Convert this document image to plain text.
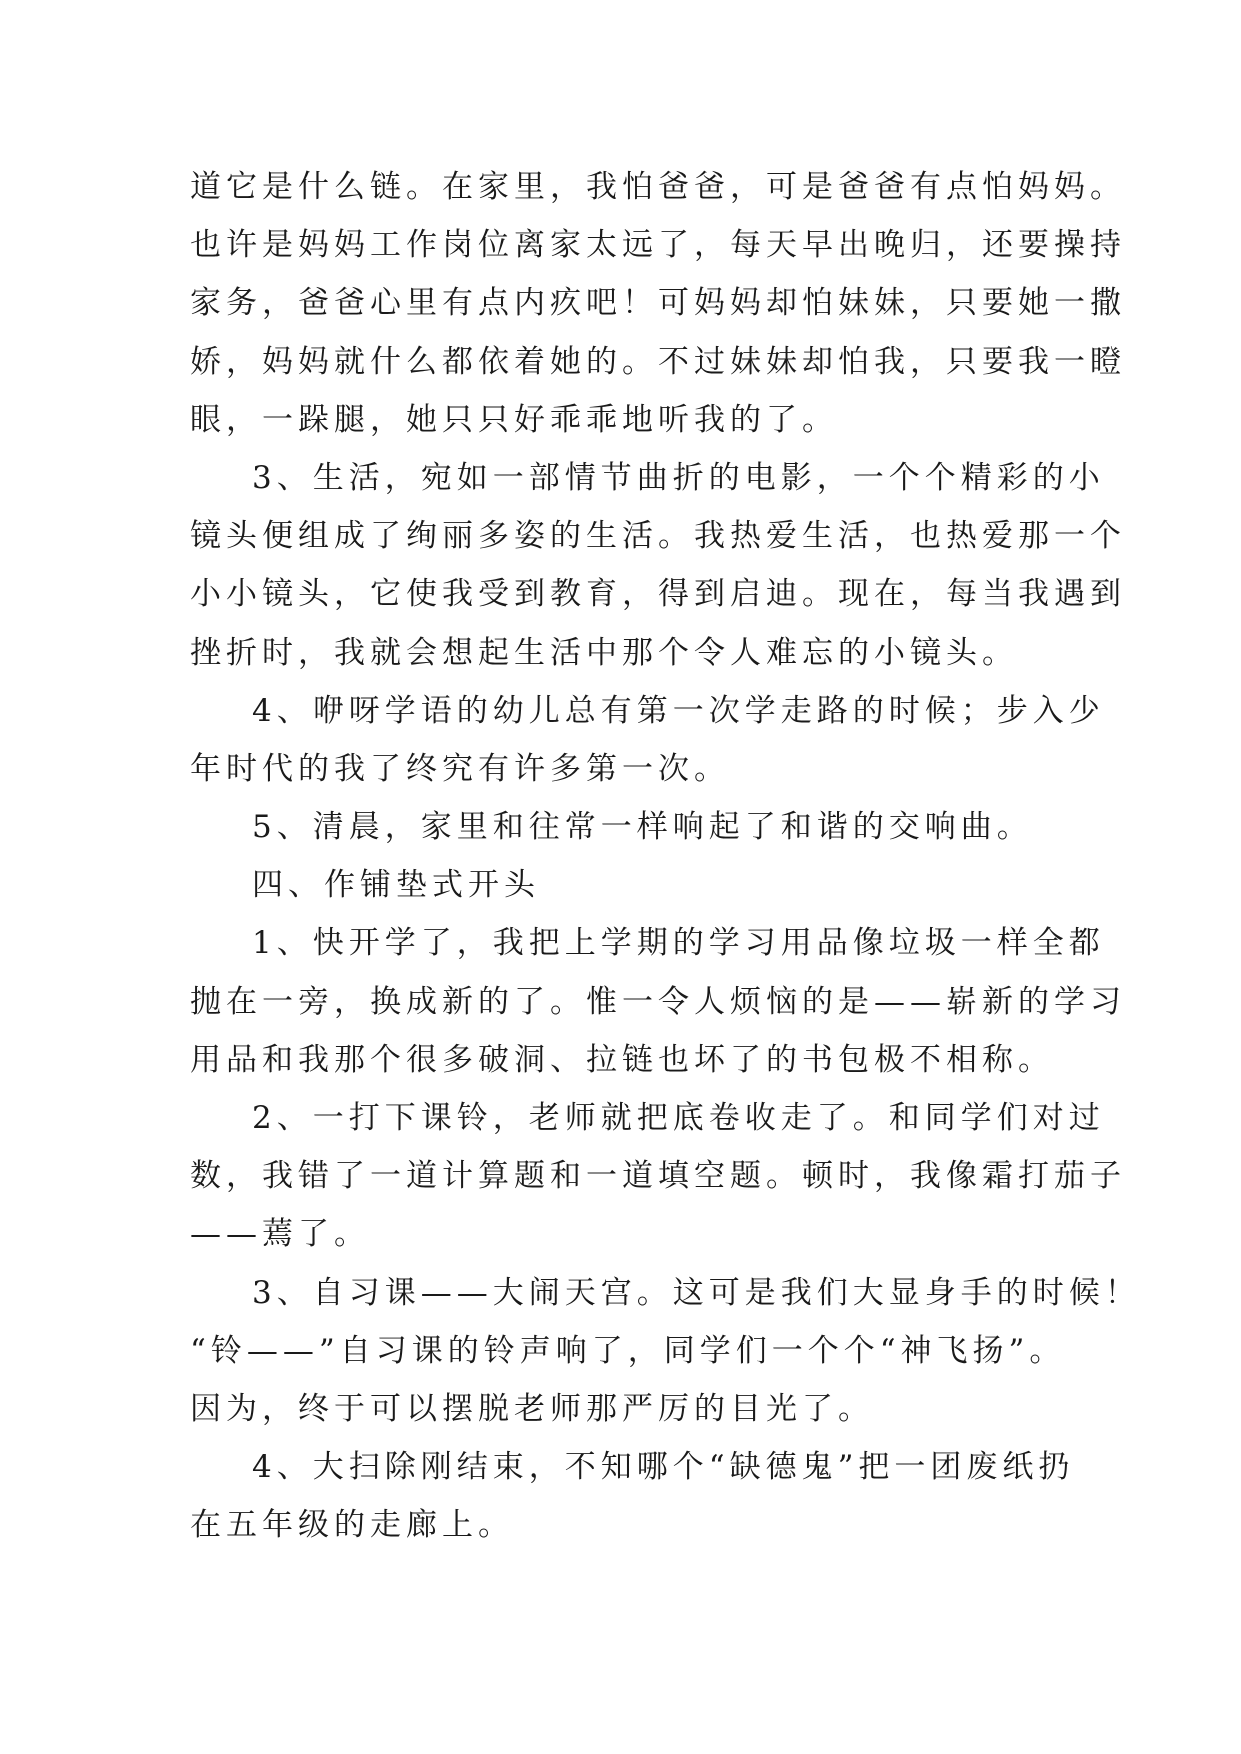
道它是什么链。在家里，我怕爸爸，可是爸爸有点怕妈妈。
也许是妈妈工作岗位离家太远了，每天早出晚归，还要操持
家务，爸爸心里有点内疚吧！可妈妈却怕妹妹，只要她一撒
娇，妈妈就什么都依着她的。不过妹妹却怕我，只要我一瞪
眼，一跺腿，她只只好乖乖地听我的了。
3、生活，宛如一部情节曲折的电影，一个个精彩的小
镜头便组成了绚丽多姿的生活。我热爱生活，也热爱那一个
小小镜头，它使我受到教育，得到启迪。现在，每当我遇到
挫折时，我就会想起生活中那个令人难忘的小镜头。
4、咿呀学语的幼儿总有第一次学走路的时候；步入少
年时代的我了终究有许多第一次。
5、清晨，家里和往常一样响起了和谐的交响曲。
四、作铺垫式开头
1、快开学了，我把上学期的学习用品像垃圾一样全都
抛在一旁，换成新的了。惟一令人烦恼的是——崭新的学习
用品和我那个很多破洞、拉链也坏了的书包极不相称。
2、一打下课铃，老师就把底卷收走了。和同学们对过
数，我错了一道计算题和一道填空题。顿时，我像霜打茄子
——蔫了。
3、自习课——大闹天宫。这可是我们大显身手的时候！
“铃——”自习课的铃声响了，同学们一个个“神飞扬”。
因为，终于可以摆脱老师那严厉的目光了。
4、大扫除刚结束，不知哪个“缺德鬼”把一团废纸扔
在五年级的走廊上。
